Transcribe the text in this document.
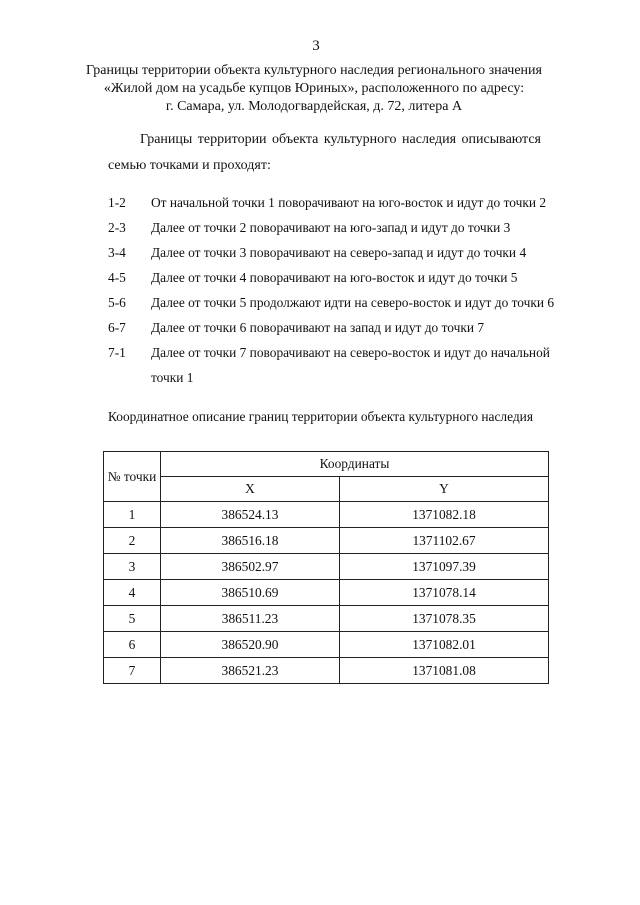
3
Границы территории объекта культурного наследия регионального значения
«Жилой дом на усадьбе купцов Юриных», расположенного по адресу:
г. Самара, ул. Молодогвардейская, д. 72, литера А
Границы территории объекта культурного наследия описываются
семью точками и проходят:
1-2	От начальной точки 1 поворачивают на юго-восток и идут до точки 2
2-3	Далее от точки 2 поворачивают на юго-запад и идут до точки 3
3-4	Далее от точки 3 поворачивают на северо-запад и идут до точки 4
4-5	Далее от точки 4 поворачивают на юго-восток и идут до точки 5
5-6	Далее от точки 5 продолжают идти на северо-восток и идут до точки 6
6-7	Далее от точки 6 поворачивают на запад и идут до точки 7
7-1	Далее от точки 7 поворачивают на северо-восток и идут до начальной
точки 1
Координатное описание границ территории объекта культурного наследия
№ точки	Координаты	
	X	Y
1	386524.13	1371082.18
2	386516.18	1371102.67
3	386502.97	1371097.39
4	386510.69	1371078.14
5	386511.23	1371078.35
6	386520.90	1371082.01
7	386521.23	1371081.08
